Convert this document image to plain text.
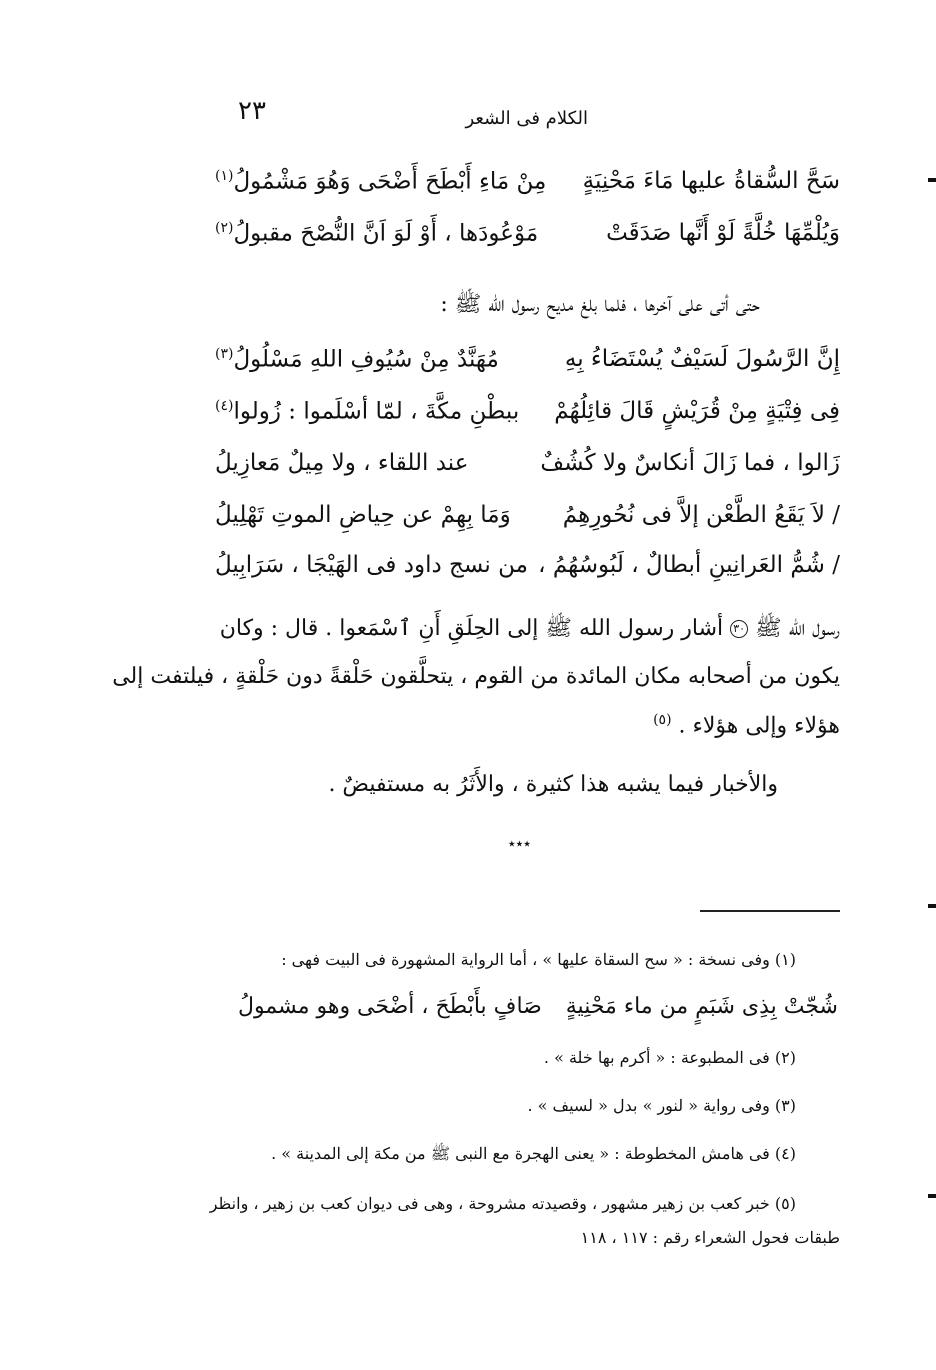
٢٣	الكلام فى الشعر
سَحَّ السُّقاةُ عليها مَاءَ مَحْنِيَةٍ
مِنْ مَاءِ أَبْطَحَ أَضْحَى وَهُوَ مَشْمُولُ$^{(١)}$
وَيُلْمِّهَا خُلَّةً لَوْ أَنَّها صَدَقَتْ
مَوْعُودَها ، أَوْ لَوَ اَنَّ النُّصْحَ مقبولُ$^{(٢)}$
حتى أتى على آخرها ، فلما بلغ مديح رسول الله ﷺ :
إِنَّ الرَّسُولَ لَسَيْفٌ يُسْتَضَاءُ بِهِ
مُهَنَّدٌ مِنْ سُيُوفِ اللهِ مَسْلُولُ$^{(٣)}$
فِى فِتْيَةٍ مِنْ قُرَيْشٍ قَالَ قائِلُهُمْ
ببطْنِ مكَّةَ ، لمّا أسْلَموا : زُولوا$^{(٤)}$
زَالوا ، فما زَالَ أنكاسٌ ولا كُشُفٌ
عند اللقاء ، ولا مِيلٌ مَعازِيلُ
/ لاَ يَقَعُ الطَّعْن إلاَّ فى نُحُورِهِمُ
وَمَا بِهِمْ عن حِياضِ الموتِ تَهْلِيلُ
/ شُمُّ العَرانِينِ أبطالٌ ، لَبُوسُهُمُ ،
من نسج داود فى الهَيْجَا ، سَرَابِيلُ
رسول الله ﷺ ٣٠ أشار رسول الله ﷺ إلى الحِلَقِ أَنِ ٱسْمَعوا . قال : وكان
يكون من أصحابه مكان المائدة من القوم ، يتحلَّقون حَلْقةً دون حَلْقةٍ ، فيلتفت إلى
هؤلاء وإلى هؤلاء . $^{(٥)}$
والأخبار فيما يشبه هذا كثيرة ، والأَثَرُ به مستفيضٌ .
٭٭٭
(١) وفى نسخة : « سح السقاة عليها » ، أما الرواية المشهورة فى البيت فهى :
شُجّتْ بِذِى شَبَمٍ من ماء مَحْنِيةٍ
صَافٍ بأَبْطَحَ ، أضْحَى وهو مشمولُ
(٢) فى المطبوعة : « أكرم بها خلة » .
(٣) وفى رواية « لنور » بدل « لسيف » .
(٤) فى هامش المخطوطة : « يعنى الهجرة مع النبى ﷺ من مكة إلى المدينة » .
(٥) خبر كعب بن زهير مشهور ، وقصيدته مشروحة ، وهى فى ديوان كعب بن زهير ، وانظر
طبقات فحول الشعراء رقم : ١١٧ ، ١١٨
